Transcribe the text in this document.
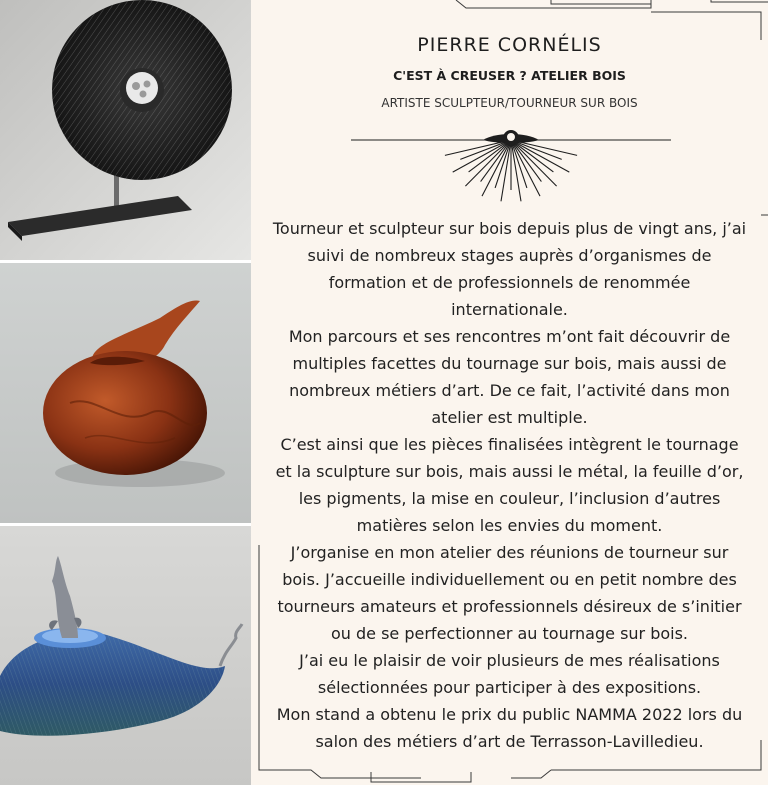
PIERRE CORNÉLIS
C'EST À CREUSER ? ATELIER BOIS
ARTISTE SCULPTEUR/TOURNEUR SUR BOIS

Tourneur et sculpteur sur bois depuis plus de vingt ans, j’ai suivi de nombreux stages auprès d’organismes de formation et de professionnels de renommée internationale.

Mon parcours et ses rencontres m’ont fait découvrir de multiples facettes du tournage sur bois, mais aussi de nombreux métiers d’art. De ce fait, l’activité dans mon atelier est multiple.

C’est ainsi que les pièces finalisées intègrent le tournage et la sculpture sur bois, mais aussi le métal, la feuille d’or, les pigments, la mise en couleur, l’inclusion d’autres matières selon les envies du moment.

J’organise en mon atelier des réunions de tourneur sur bois. J’accueille individuellement ou en petit nombre des tourneurs amateurs et professionnels désireux de s’initier ou de se perfectionner au tournage sur bois.

J’ai eu le plaisir de voir plusieurs de mes réalisations sélectionnées pour participer à des expositions.

Mon stand a obtenu le prix du public NAMMA 2022 lors du salon des métiers d’art de Terrasson-Lavilledieu.
